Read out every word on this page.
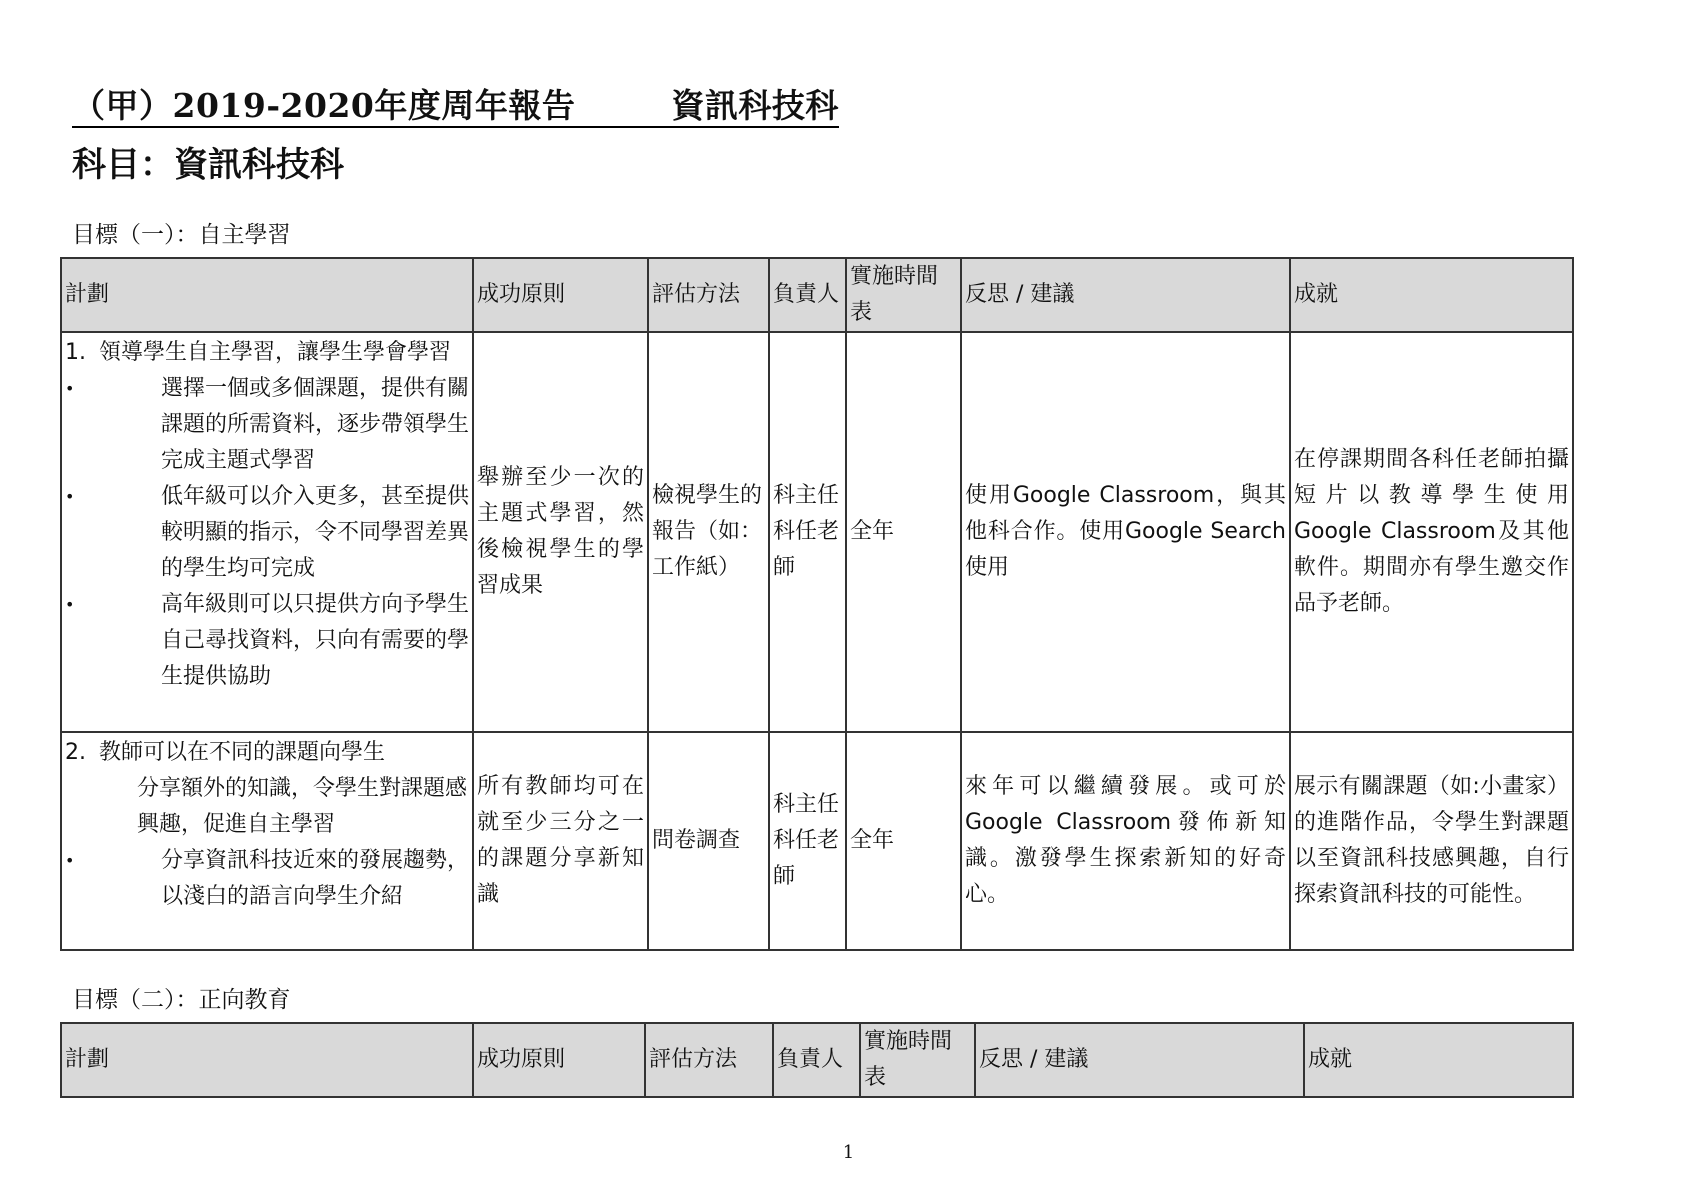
（甲）2019-2020年度周年報告	資訊科技科
科目：資訊科技科
目標（一）：自主學習
計劃	成功原則	評估方法	負責人	實施時間表	反思 / 建議	成就

1. 領導學生自主學習，讓學生學會學習
• 選擇一個或多個課題，提供有關課題的所需資料，逐步帶領學生完成主題式學習
• 低年級可以介入更多，甚至提供較明顯的指示，令不同學習差異的學生均可完成
• 高年級則可以只提供方向予學生自己尋找資料，只向有需要的學生提供協助	舉辦至少一次的主題式學習，然後檢視學生的學習成果	檢視學生的報告（如：工作紙）	科主任科任老師	全年	使用Google Classroom，與其他科合作。使用Google Search使用	在停課期間各科任老師拍攝短片以教導學生使用Google Classroom及其他軟件。期間亦有學生邀交作品予老師。

2. 教師可以在不同的課題向學生
分享額外的知識，令學生對課題感興趣，促進自主學習
• 分享資訊科技近來的發展趨勢，以淺白的語言向學生介紹	所有教師均可在就至少三分之一的課題分享新知識	問卷調查	科主任科任老師	全年	來年可以繼續發展。或可於Google Classroom發佈新知識。激發學生探索新知的好奇心。	展示有關課題（如:小畫家）的進階作品，令學生對課題以至資訊科技感興趣，自行探索資訊科技的可能性。
目標（二）：正向教育
計劃	成功原則	評估方法	負責人	實施時間表	反思 / 建議	成就
1
